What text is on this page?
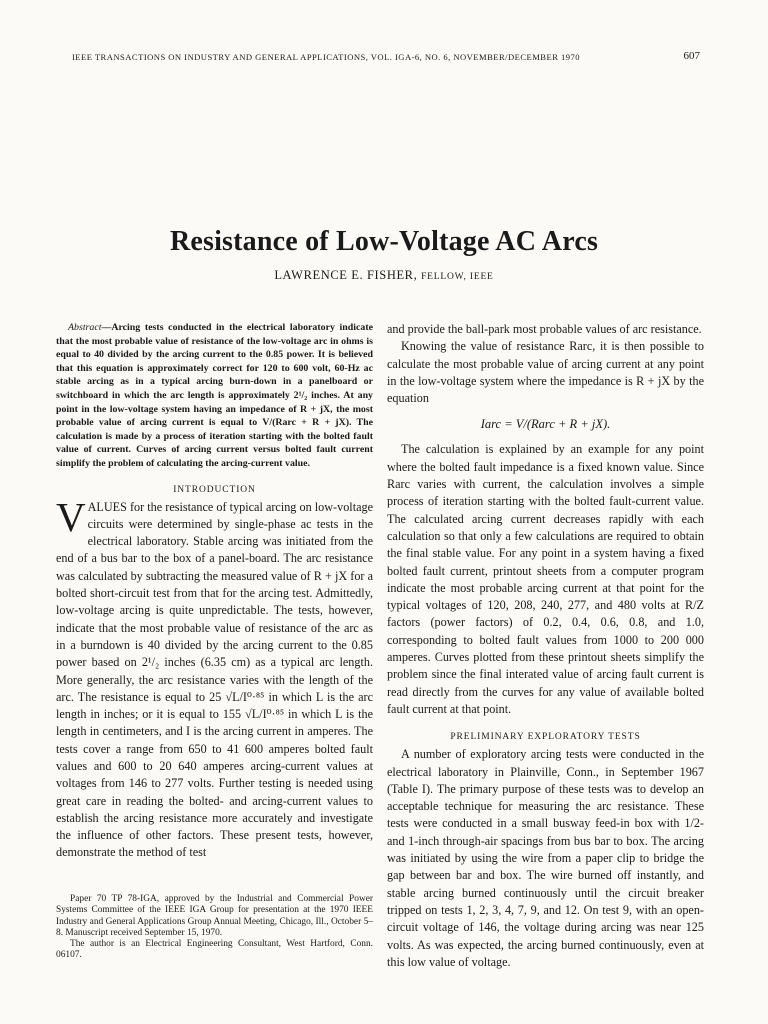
IEEE TRANSACTIONS ON INDUSTRY AND GENERAL APPLICATIONS, VOL. IGA-6, NO. 6, NOVEMBER/DECEMBER 1970	607
Resistance of Low-Voltage AC Arcs
LAWRENCE E. FISHER, FELLOW, IEEE

Abstract—Arcing tests conducted in the electrical laboratory indicate that the most probable value of resistance of the low-voltage arc in ohms is equal to 40 divided by the arcing current to the 0.85 power. It is believed that this equation is approximately correct for 120 to 600 volt, 60-Hz ac stable arcing as in a typical arcing burn-down in a panelboard or switchboard in which the arc length is approximately 2¹/₂ inches. At any point in the low-voltage system having an impedance of R + jX, the most probable value of arcing current is equal to V/(Rarc + R + jX). The calculation is made by a process of iteration starting with the bolted fault value of current. Curves of arcing current versus bolted fault current simplify the problem of calculating the arcing-current value.

INTRODUCTION

VALUES for the resistance of typical arcing on low-voltage circuits were determined by single-phase ac tests in the electrical laboratory. Stable arcing was initiated from the end of a bus bar to the box of a panel-board. The arc resistance was calculated by subtracting the measured value of R + jX for a bolted short-circuit test from that for the arcing test. Admittedly, low-voltage arcing is quite unpredictable. The tests, however, indicate that the most probable value of resistance of the arc as in a burndown is 40 divided by the arcing current to the 0.85 power based on 2¹/₂ inches (6.35 cm) as a typical arc length. More generally, the arc resistance varies with the length of the arc. The resistance is equal to 25 √L/I⁰·⁸⁵ in which L is the arc length in inches; or it is equal to 155 √L/I⁰·⁸⁵ in which L is the length in centimeters, and I is the arcing current in amperes. The tests cover a range from 650 to 41 600 amperes bolted fault values and 600 to 20 640 amperes arcing-current values at voltages from 146 to 277 volts. Further testing is needed using great care in reading the bolted- and arcing-current values to establish the arcing resistance more accurately and investigate the influence of other factors. These present tests, however, demonstrate the method of test

and provide the ball-park most probable values of arc resistance.

Knowing the value of resistance Rarc, it is then possible to calculate the most probable value of arcing current at any point in the low-voltage system where the impedance is R + jX by the equation

Iarc = V/(Rarc + R + jX).

The calculation is explained by an example for any point where the bolted fault impedance is a fixed known value. Since Rarc varies with current, the calculation involves a simple process of iteration starting with the bolted fault-current value. The calculated arcing current decreases rapidly with each calculation so that only a few calculations are required to obtain the final stable value. For any point in a system having a fixed bolted fault current, printout sheets from a computer program indicate the most probable arcing current at that point for the typical voltages of 120, 208, 240, 277, and 480 volts at R/Z factors (power factors) of 0.2, 0.4, 0.6, 0.8, and 1.0, corresponding to bolted fault values from 1000 to 200 000 amperes. Curves plotted from these printout sheets simplify the problem since the final interated value of arcing fault current is read directly from the curves for any value of available bolted fault current at that point.

PRELIMINARY EXPLORATORY TESTS

A number of exploratory arcing tests were conducted in the electrical laboratory in Plainville, Conn., in September 1967 (Table I). The primary purpose of these tests was to develop an acceptable technique for measuring the arc resistance. These tests were conducted in a small busway feed-in box with 1/2- and 1-inch through-air spacings from bus bar to box. The arcing was initiated by using the wire from a paper clip to bridge the gap between bar and box. The wire burned off instantly, and stable arcing burned continuously until the circuit breaker tripped on tests 1, 2, 3, 4, 7, 9, and 12. On test 9, with an open-circuit voltage of 146, the voltage during arcing was near 125 volts. As was expected, the arcing burned continuously, even at this low value of voltage.

Paper 70 TP 78-IGA, approved by the Industrial and Commercial Power Systems Committee of the IEEE IGA Group for presentation at the 1970 IEEE Industry and General Applications Group Annual Meeting, Chicago, Ill., October 5–8. Manuscript received September 15, 1970.

The author is an Electrical Engineering Consultant, West Hartford, Conn. 06107.
